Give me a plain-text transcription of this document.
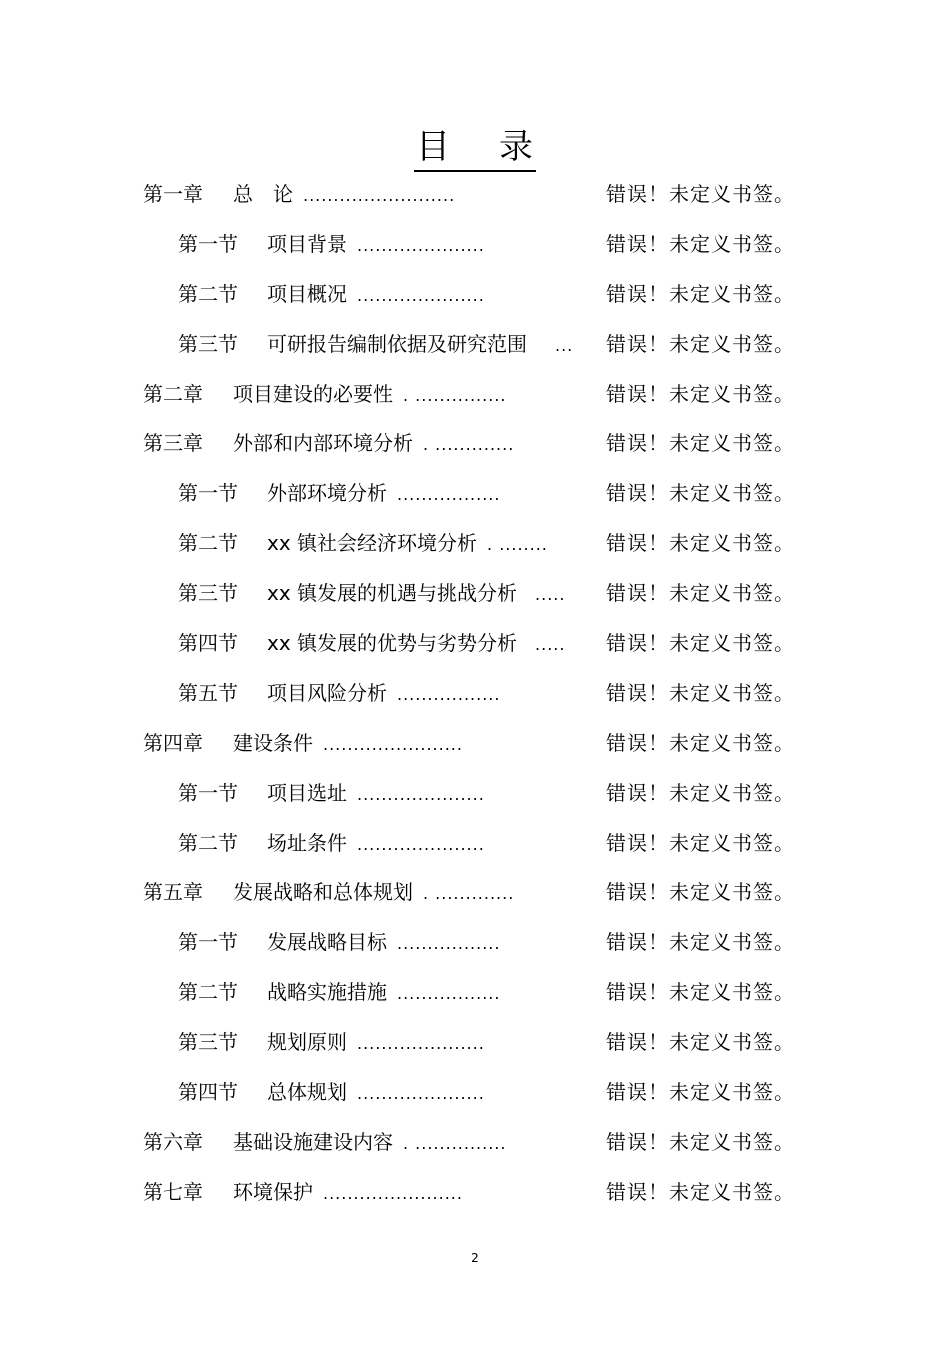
目 录
第一章 总　论 .........................	错误！未定义书签。
第一节 项目背景 .....................	错误！未定义书签。
第二节 项目概况 .....................	错误！未定义书签。
第三节 可研报告编制依据及研究范围 ... 错误！未定义书签。
第二章 项目建设的必要性 . ...............	错误！未定义书签。
第三章 外部和内部环境分析 . .............	错误！未定义书签。
第一节 外部环境分析 .................	错误！未定义书签。
第二节 xx 镇社会经济环境分析 . ........	错误！未定义书签。
第三节 xx 镇发展的机遇与挑战分析 ..... 错误！未定义书签。
第四节 xx 镇发展的优势与劣势分析 ..... 错误！未定义书签。
第五节 项目风险分析 .................	错误！未定义书签。
第四章 建设条件 .......................	错误！未定义书签。
第一节 项目选址 .....................	错误！未定义书签。
第二节 场址条件 .....................	错误！未定义书签。
第五章 发展战略和总体规划 . .............	错误！未定义书签。
第一节 发展战略目标 .................	错误！未定义书签。
第二节 战略实施措施 .................	错误！未定义书签。
第三节 规划原则 .....................	错误！未定义书签。
第四节 总体规划 .....................	错误！未定义书签。
第六章 基础设施建设内容 . ...............	错误！未定义书签。
第七章 环境保护 .......................	错误！未定义书签。
2
